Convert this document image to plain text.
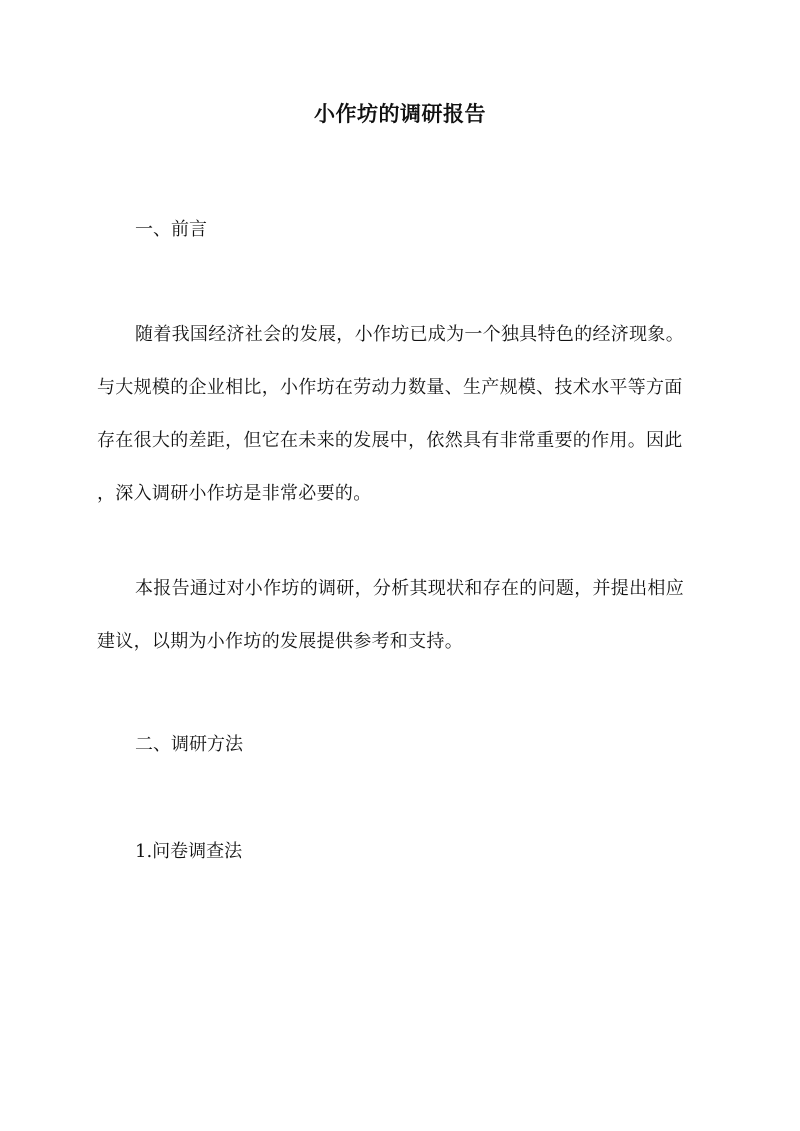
小作坊的调研报告
一、前言
随着我国经济社会的发展，小作坊已成为一个独具特色的经济现象。
与大规模的企业相比，小作坊在劳动力数量、生产规模、技术水平等方面
存在很大的差距，但它在未来的发展中，依然具有非常重要的作用。因此
，深入调研小作坊是非常必要的。
本报告通过对小作坊的调研，分析其现状和存在的问题，并提出相应
建议，以期为小作坊的发展提供参考和支持。
二、调研方法
1.问卷调查法
